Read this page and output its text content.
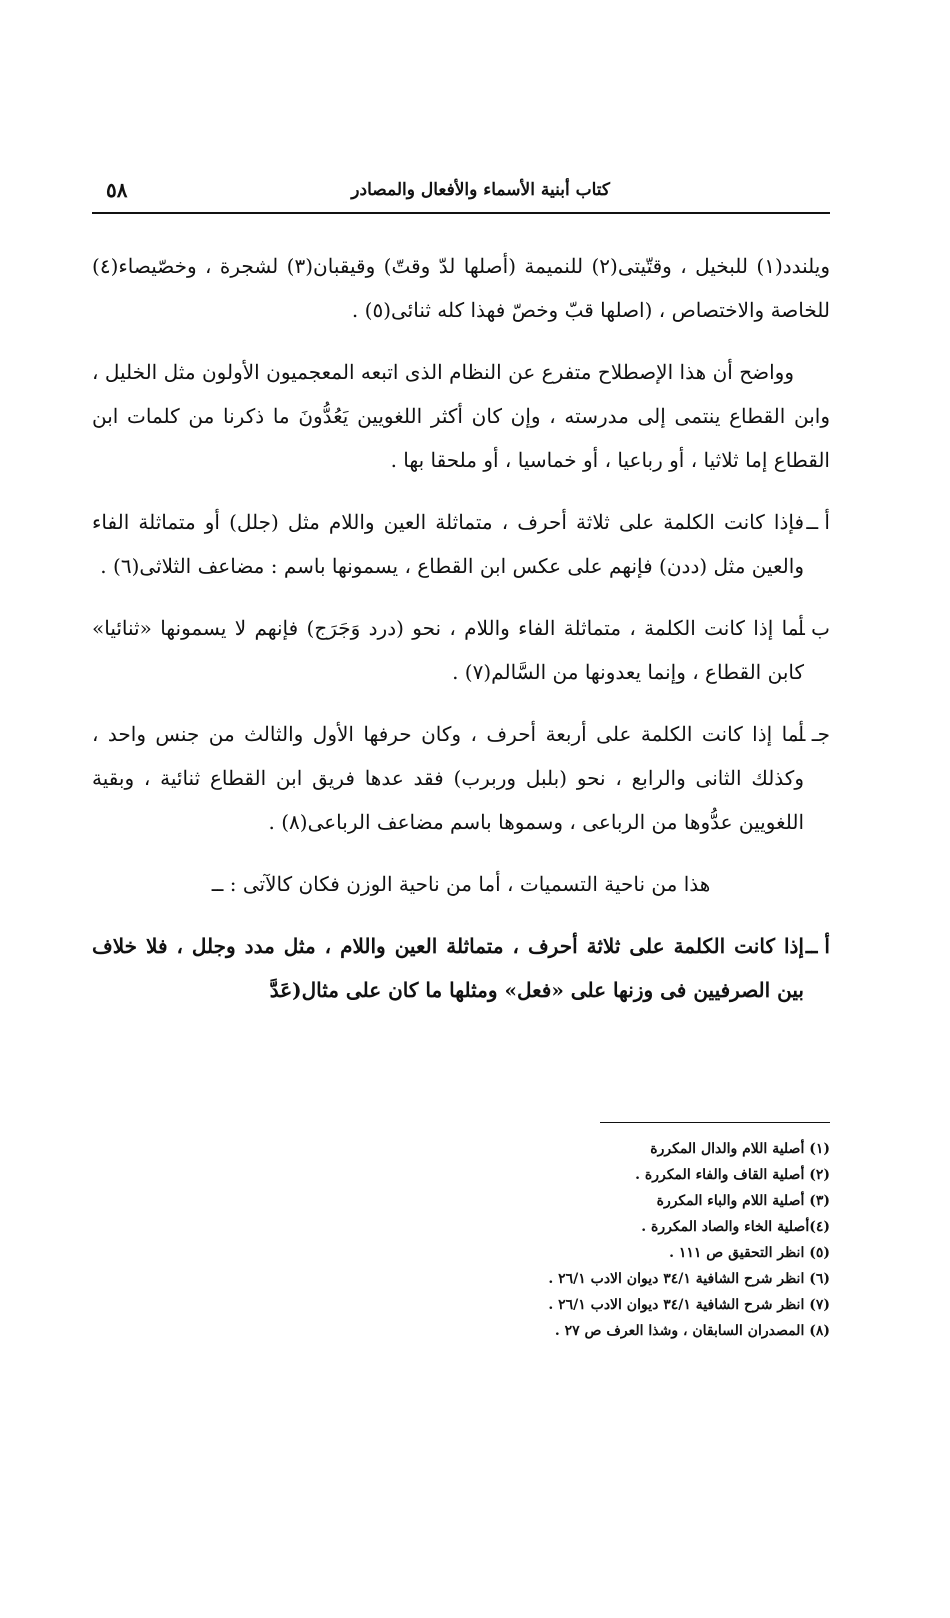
كتاب أبنية الأسماء والأفعال والمصادر
٥٨

ويلندد(١) للبخيل ، وقتّيتى(٢) للنميمة (أصلها لدّ وقتّ) وقيقبان(٣) لشجرة ، وخصّيصاء(٤) للخاصة والاختصاص ، (اصلها قبّ وخصّ فهذا كله ثنائى(٥) .

وواضح أن هذا الإصطلاح متفرع عن النظام الذى اتبعه المعجميون الأولون مثل الخليل ، وابن القطاع ينتمى إلى مدرسته ، وإن كان أكثر اللغويين يَعُدُّونَ ما ذكرنا من كلمات ابن القطاع إما ثلاثيا ، أو رباعيا ، أو خماسيا ، أو ملحقا بها .

أ ــ
فإذا كانت الكلمة على ثلاثة أحرف ، متماثلة العين واللام مثل (جلل) أو متماثلة الفاء والعين مثل (ددن) فإنهم على عكس ابن القطاع ، يسمونها باسم : مضاعف الثلاثى(٦) .
ب ــ
أما إذا كانت الكلمة ، متماثلة الفاء واللام ، نحو (درد وَجَرَج) فإنهم لا يسمونها «ثنائيا» كابن القطاع ، وإنما يعدونها من السَّالم(٧) .
جـ ــ
أما إذا كانت الكلمة على أربعة أحرف ، وكان حرفها الأول والثالث من جنس واحد ، وكذلك الثانى والرابع ، نحو (بلبل وربرب) فقد عدها فريق ابن القطاع ثنائية ، وبقية اللغويين عدُّوها من الرباعى ، وسموها باسم مضاعف الرباعى(٨) .

هذا من ناحية التسميات ، أما من ناحية الوزن فكان كالآتى : ــ

أ ــ
إذا كانت الكلمة على ثلاثة أحرف ، متماثلة العين واللام ، مثل مدد وجلل ، فلا خلاف بين الصرفيين فى وزنها على «فعل» ومثلها ما كان على مثال(عَدَّ
(١) أصلية اللام والدال المكررة
(٢) أصلية القاف والفاء المكررة .
(٣) أصلية اللام والباء المكررة
(٤)أصلية الخاء والصاد المكررة .
(٥) انظر التحقيق ص ١١١ .
(٦) انظر شرح الشافية ٣٤/١ ديوان الادب ٢٦/١ .
(٧) انظر شرح الشافية ٣٤/١ ديوان الادب ٢٦/١ .
(٨) المصدران السابقان ، وشذا العرف ص ٢٧ .
